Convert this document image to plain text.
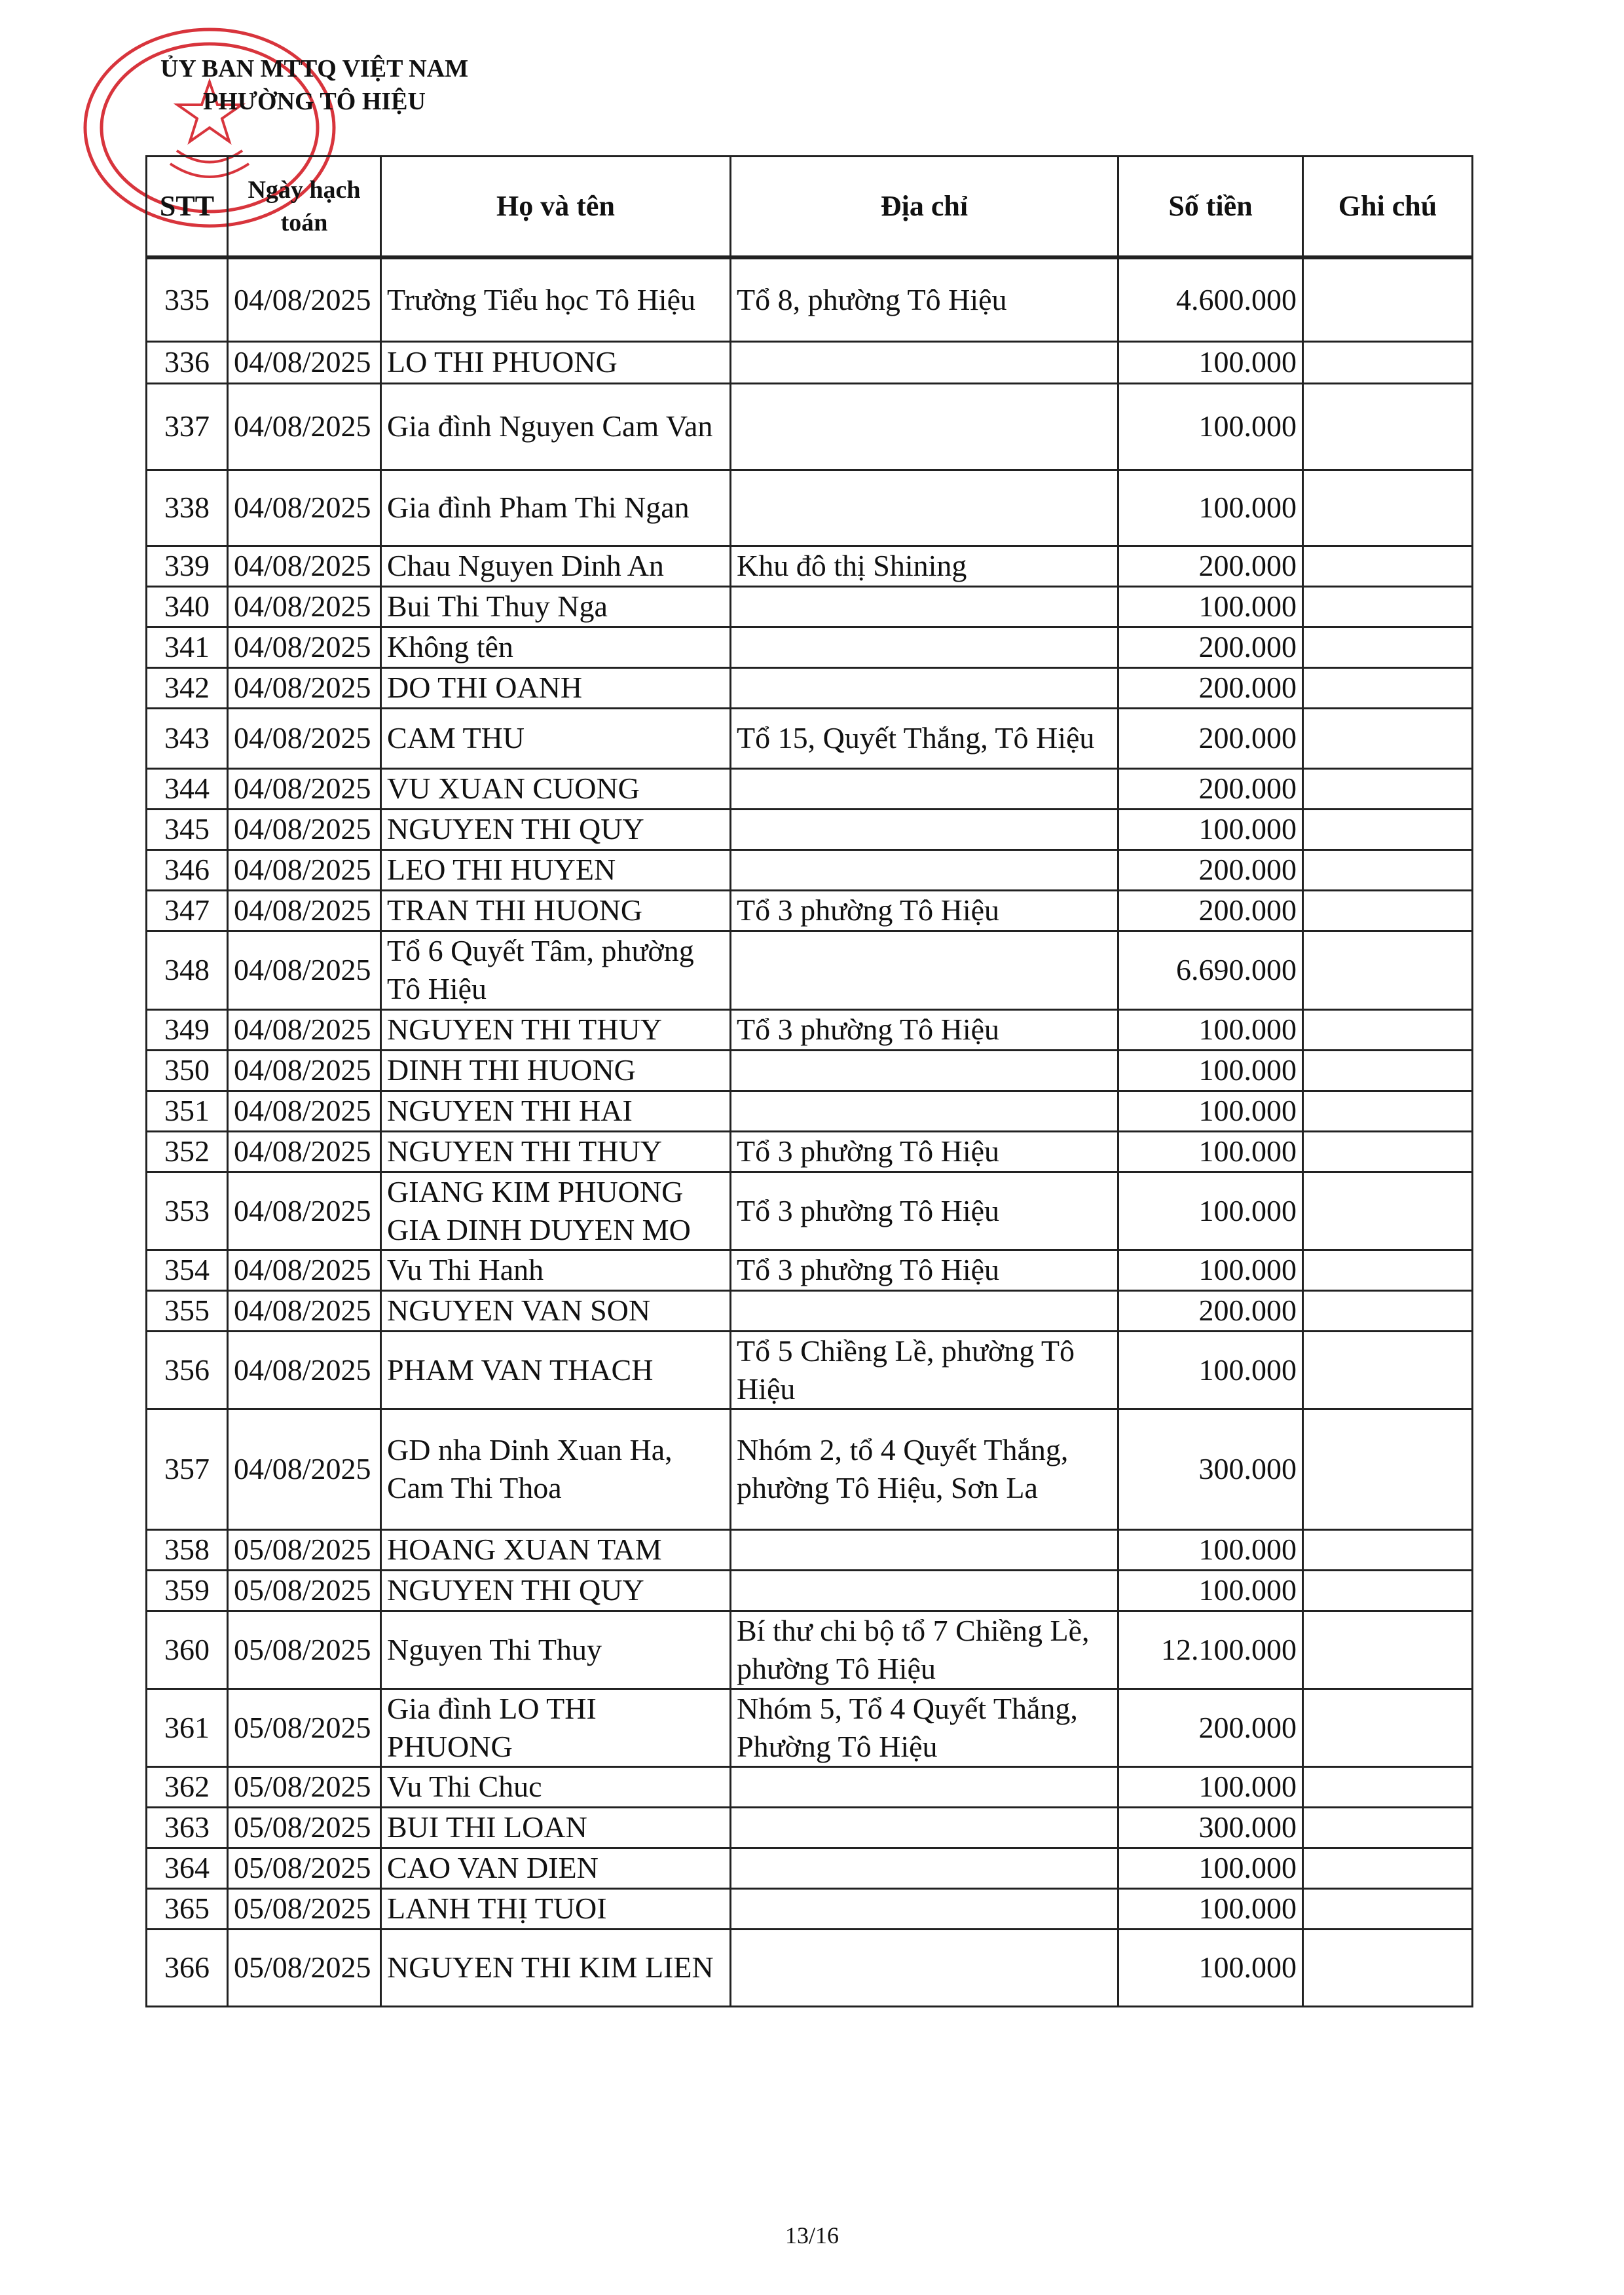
ỦY BAN MTTQ VIỆT NAM
PHƯỜNG TÔ HIỆU
STT	Ngày hạch toán	Họ và tên	Địa chỉ	Số tiền	Ghi chú
335	04/08/2025	Trường Tiểu học Tô Hiệu	Tổ 8, phường Tô Hiệu	4.600.000	
336	04/08/2025	LO THI PHUONG		100.000	
337	04/08/2025	Gia đình Nguyen Cam Van		100.000	
338	04/08/2025	Gia đình Pham Thi Ngan		100.000	
339	04/08/2025	Chau Nguyen Dinh An	Khu đô thị Shining	200.000	
340	04/08/2025	Bui Thi Thuy Nga		100.000	
341	04/08/2025	Không tên		200.000	
342	04/08/2025	DO THI OANH		200.000	
343	04/08/2025	CAM THU	Tổ 15, Quyết Thắng, Tô Hiệu	200.000	
344	04/08/2025	VU XUAN CUONG		200.000	
345	04/08/2025	NGUYEN THI QUY		100.000	
346	04/08/2025	LEO THI HUYEN		200.000	
347	04/08/2025	TRAN THI HUONG	Tổ 3 phường Tô Hiệu	200.000	
348	04/08/2025	Tổ 6 Quyết Tâm, phường Tô Hiệu		6.690.000	
349	04/08/2025	NGUYEN THI THUY	Tổ 3 phường Tô Hiệu	100.000	
350	04/08/2025	DINH THI HUONG		100.000	
351	04/08/2025	NGUYEN THI HAI		100.000	
352	04/08/2025	NGUYEN THI THUY	Tổ 3 phường Tô Hiệu	100.000	
353	04/08/2025	GIANG KIM PHUONG GIA DINH DUYEN MO	Tổ 3 phường Tô Hiệu	100.000	
354	04/08/2025	Vu Thi Hanh	Tổ 3 phường Tô Hiệu	100.000	
355	04/08/2025	NGUYEN VAN SON		200.000	
356	04/08/2025	PHAM VAN THACH	Tổ 5 Chiềng Lề, phường Tô Hiệu	100.000	
357	04/08/2025	GD nha Dinh Xuan Ha, Cam Thi Thoa	Nhóm 2, tổ 4 Quyết Thắng, phường Tô Hiệu, Sơn La	300.000	
358	05/08/2025	HOANG XUAN TAM		100.000	
359	05/08/2025	NGUYEN THI QUY		100.000	
360	05/08/2025	Nguyen Thi Thuy	Bí thư chi bộ tổ 7 Chiềng Lề, phường Tô Hiệu	12.100.000	
361	05/08/2025	Gia đình LO THI PHUONG	Nhóm 5, Tổ 4 Quyết Thắng, Phường Tô Hiệu	200.000	
362	05/08/2025	Vu Thi Chuc		100.000	
363	05/08/2025	BUI THI LOAN		300.000	
364	05/08/2025	CAO VAN DIEN		100.000	
365	05/08/2025	LANH THỊ TUOI		100.000	
366	05/08/2025	NGUYEN THI KIM LIEN		100.000	
13/16
